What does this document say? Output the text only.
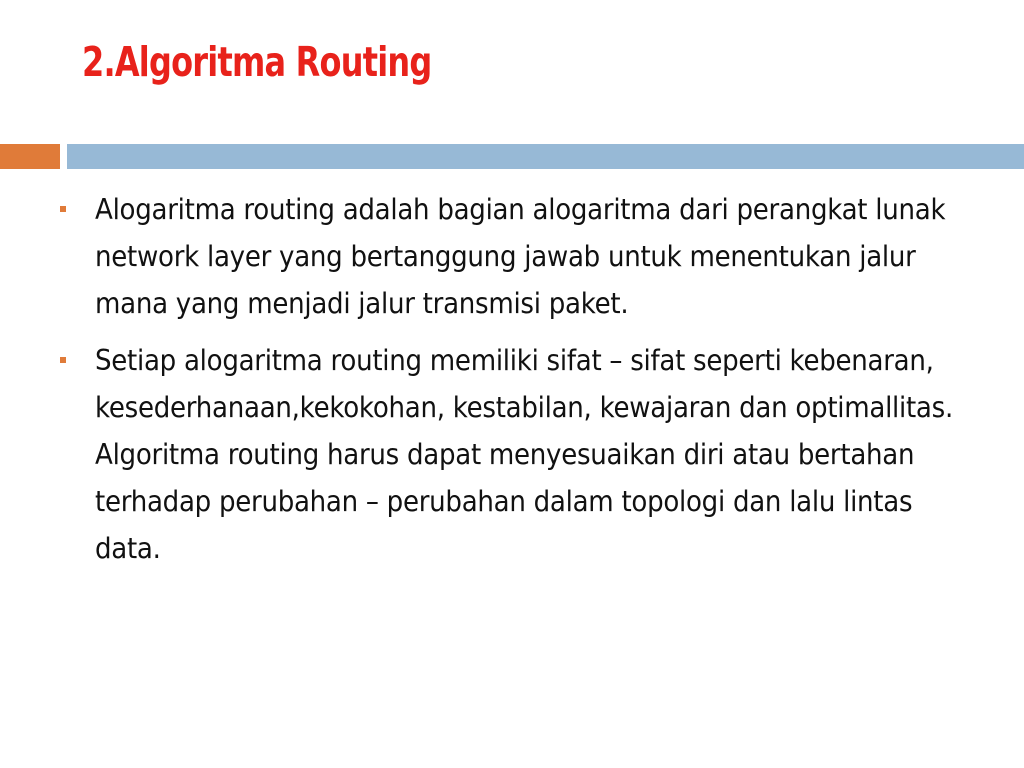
2.Algoritma Routing
Alogaritma routing adalah bagian alogaritma dari perangkat lunak network layer yang bertanggung jawab untuk menentukan jalur mana yang menjadi jalur transmisi paket.
Setiap alogaritma routing memiliki sifat – sifat seperti kebenaran, kesederhanaan,kekokohan, kestabilan, kewajaran dan optimallitas. Algoritma routing harus dapat menyesuaikan diri atau bertahan terhadap perubahan – perubahan dalam topologi dan lalu lintas data.
